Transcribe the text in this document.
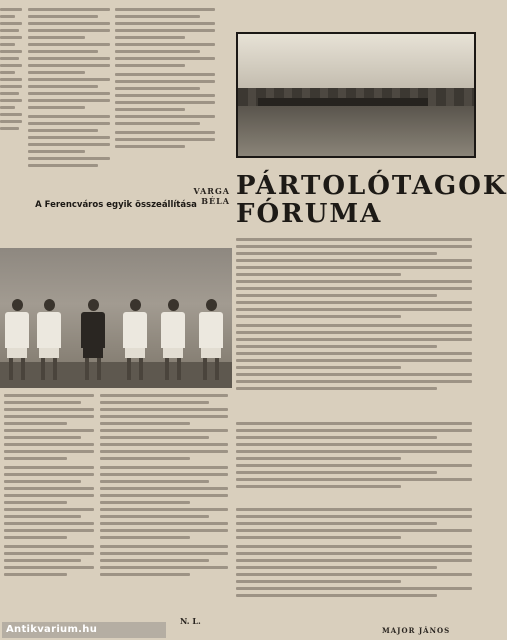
VARGA BÉLA
A Ferencváros egyik összeállítása
N. L.
Antikvarium.hu
PÁRTOLÓTAGOK
FÓRUMA
MAJOR JÁNOS
